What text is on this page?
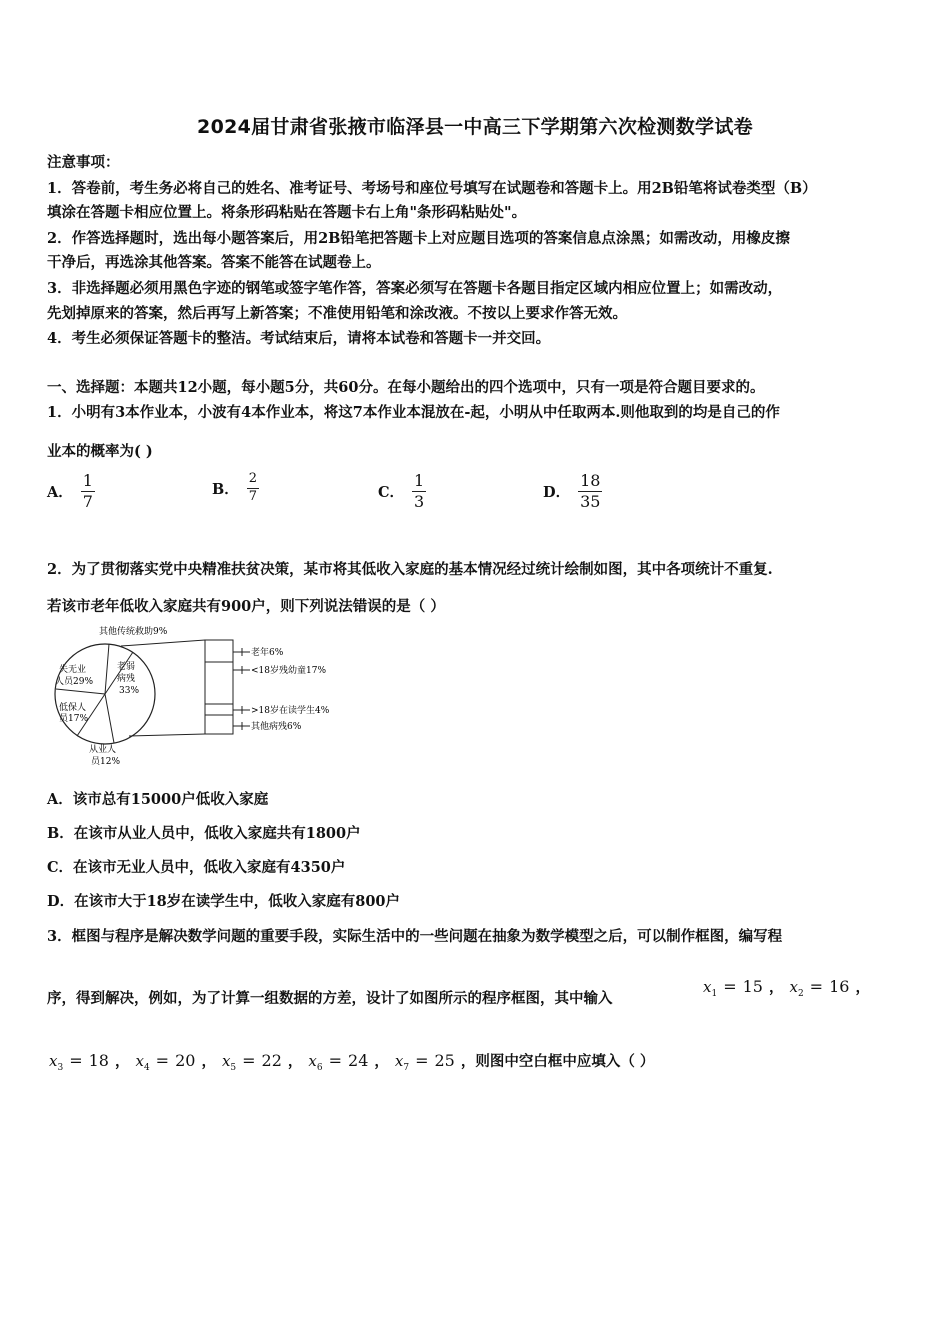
2024届甘肃省张掖市临泽县一中高三下学期第六次检测数学试卷
注意事项：
1．答卷前，考生务必将自己的姓名、准考证号、考场号和座位号填写在试题卷和答题卡上。用2B铅笔将试卷类型（B）
填涂在答题卡相应位置上。将条形码粘贴在答题卡右上角"条形码粘贴处"。
2．作答选择题时，选出每小题答案后，用2B铅笔把答题卡上对应题目选项的答案信息点涂黑；如需改动，用橡皮擦
干净后，再选涂其他答案。答案不能答在试题卷上。
3．非选择题必须用黑色字迹的钢笔或签字笔作答，答案必须写在答题卡各题目指定区域内相应位置上；如需改动，
先划掉原来的答案，然后再写上新答案；不准使用铅笔和涂改液。不按以上要求作答无效。
4．考生必须保证答题卡的整洁。考试结束后，请将本试卷和答题卡一并交回。
一、选择题：本题共12小题，每小题5分，共60分。在每小题给出的四个选项中，只有一项是符合题目要求的。
1．小明有3本作业本，小波有4本作业本，将这7本作业本混放在-起，小明从中任取两本.则他取到的均是自己的作
业本的概率为( )
A． $\frac{1}{7}$	B． $\frac{2}{7}$	C． $\frac{1}{3}$	D． $\frac{18}{35}$
2．为了贯彻落实党中央精准扶贫决策，某市将其低收入家庭的基本情况经过统计绘制如图，其中各项统计不重复.
若该市老年低收入家庭共有900户，则下列说法错误的是（ ）
其他传统救助9%
失无业
人员29%
老弱
病残
33%
低保人
员17%
从业人
员12%
老年6%
<18岁残幼童17%
>18岁在读学生4%
其他病残6%
A．该市总有15000户低收入家庭
B．在该市从业人员中，低收入家庭共有1800户
C．在该市无业人员中，低收入家庭有4350户
D．在该市大于18岁在读学生中，低收入家庭有800户
3．框图与程序是解决数学问题的重要手段，实际生活中的一些问题在抽象为数学模型之后，可以制作框图，编写程
序，得到解决，例如，为了计算一组数据的方差，设计了如图所示的程序框图，其中输入
$x_1 = 15$ ， $x_2 = 16$ ，
$x_3 = 18$ ， $x_4 = 20$ ， $x_5 = 22$ ， $x_6 = 24$ ， $x_7 = 25$ ，则图中空白框中应填入（ ）
